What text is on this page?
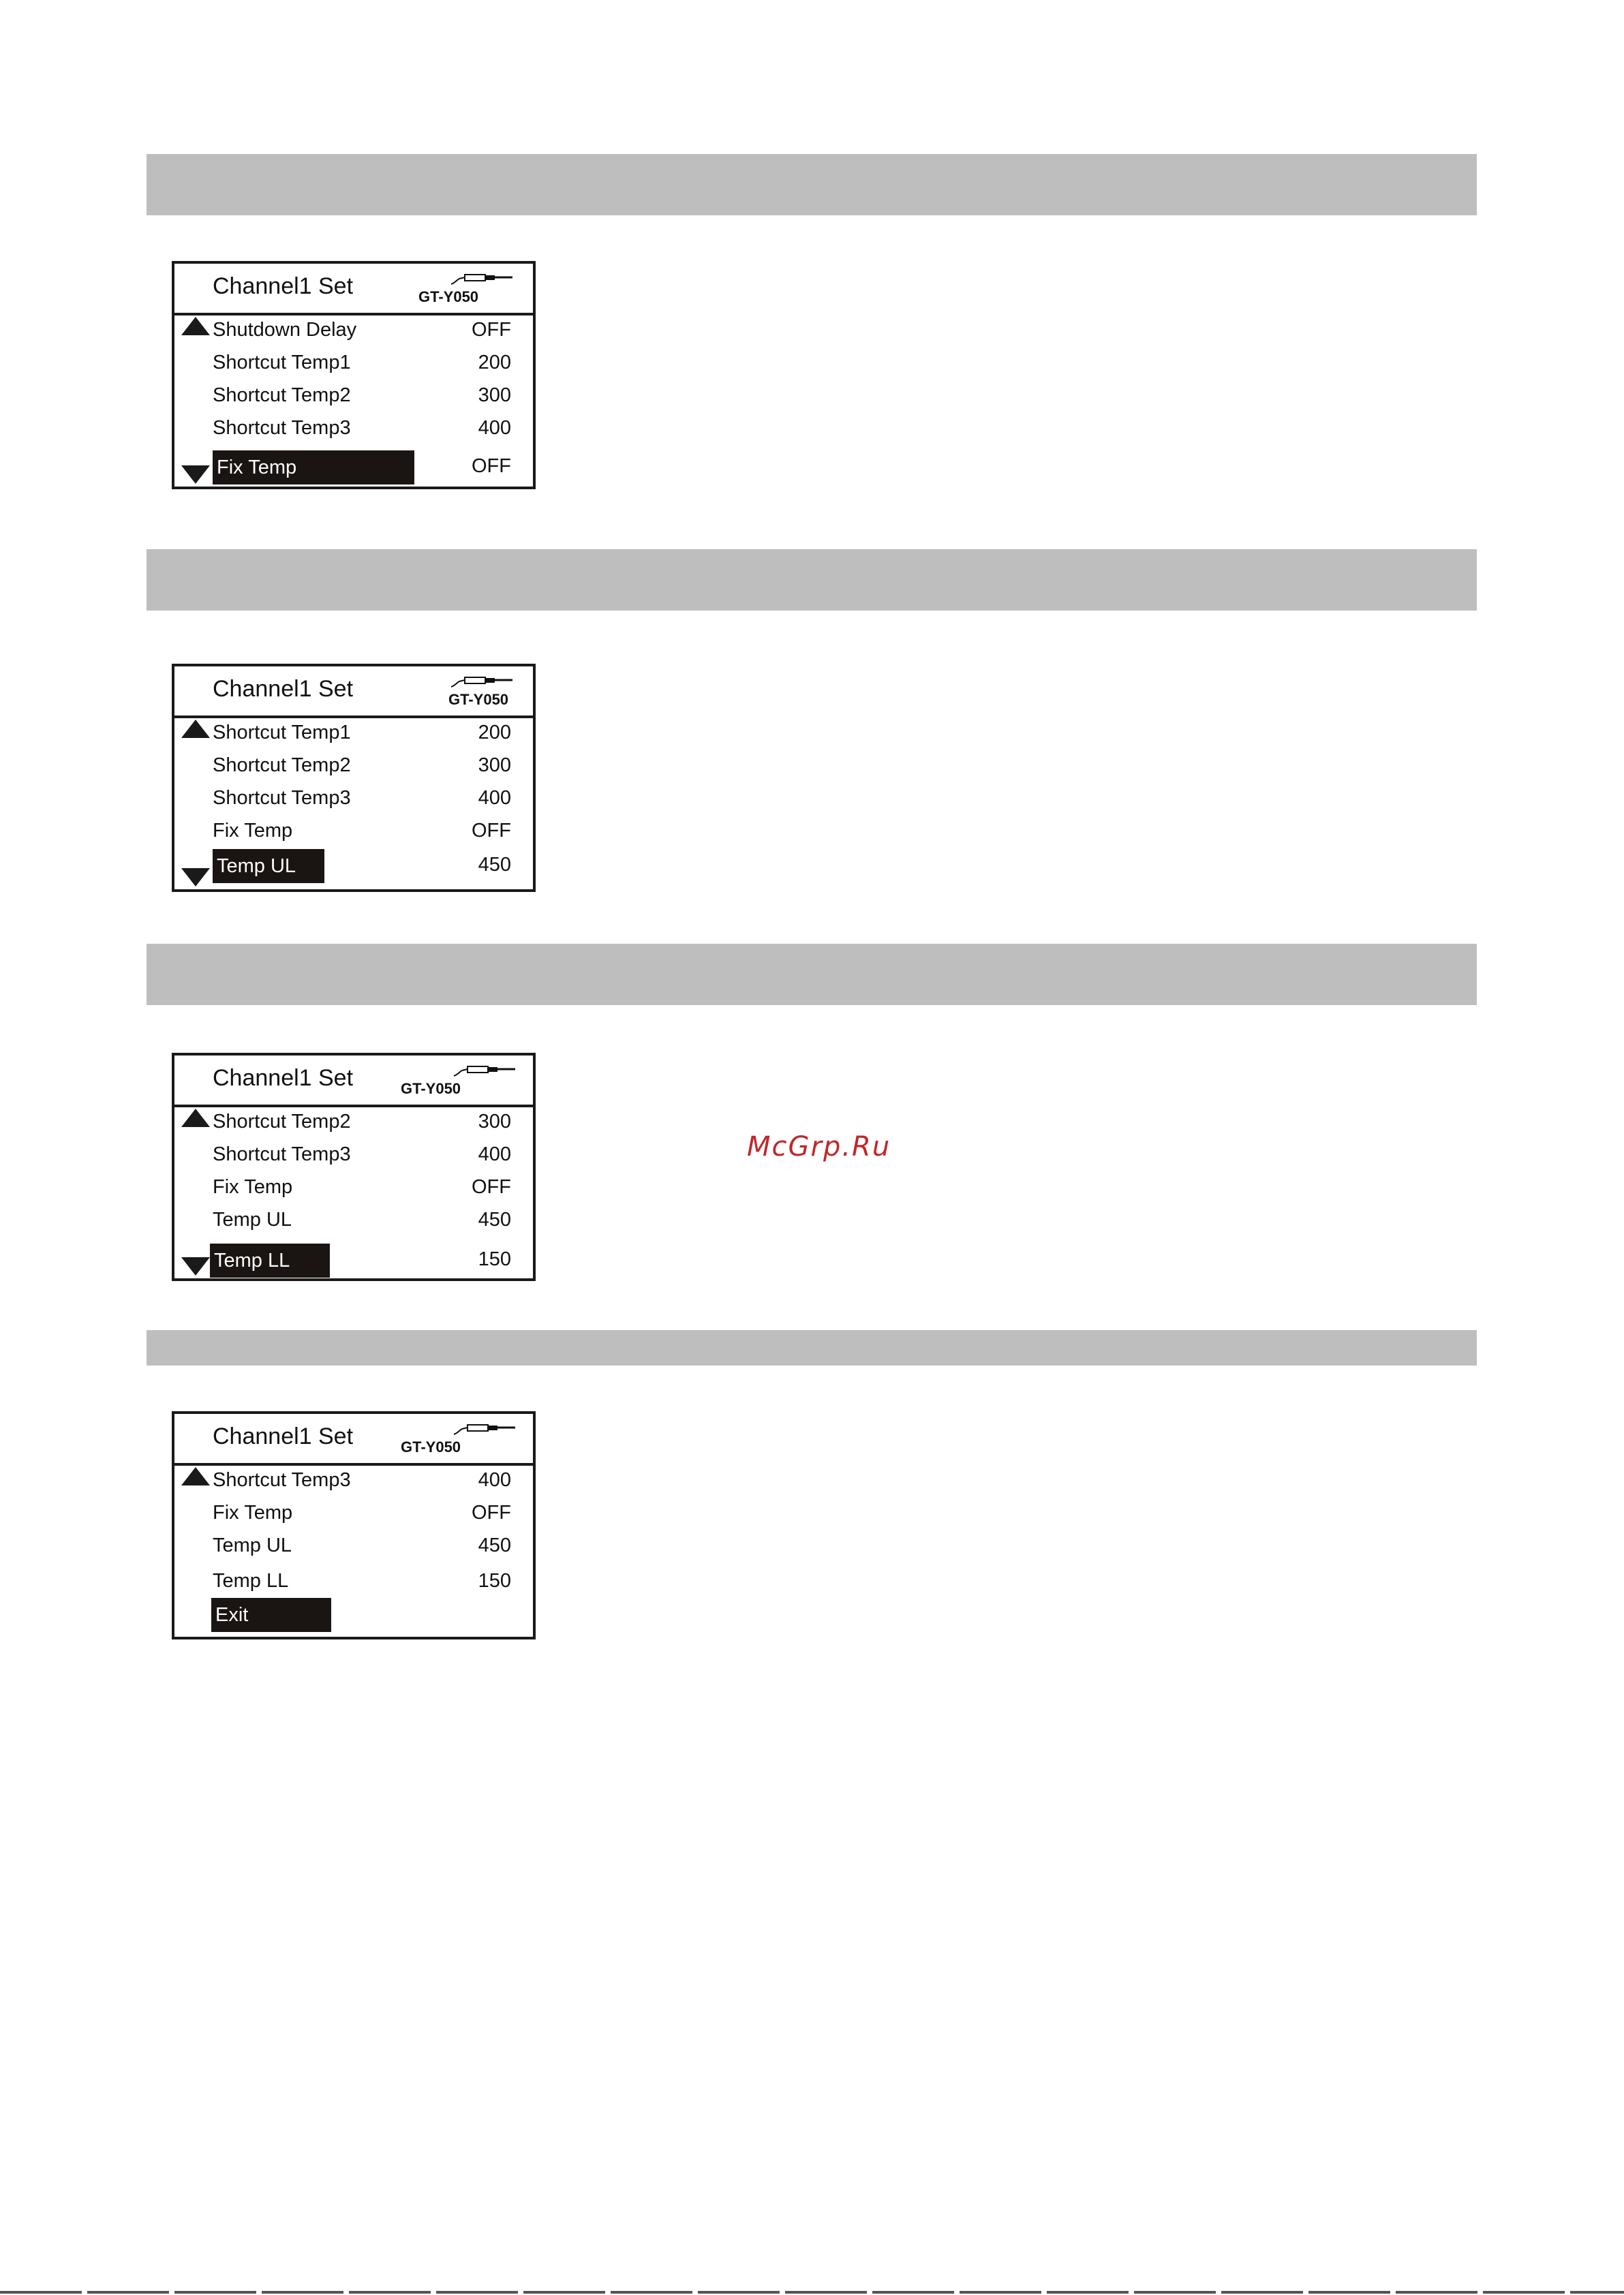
Channel1 Set	GT-Y050
Shutdown Delay	OFF
Shortcut Temp1	200
Shortcut Temp2	300
Shortcut Temp3	400
Fix Temp	OFF
Channel1 Set	GT-Y050
Shortcut Temp1	200
Shortcut Temp2	300
Shortcut Temp3	400
Fix Temp	OFF
Temp UL	450
Channel1 Set	GT-Y050
Shortcut Temp2	300
Shortcut Temp3	400
Fix Temp	OFF
Temp UL	450
Temp LL	150
Channel1 Set	GT-Y050
Shortcut Temp3	400
Fix Temp	OFF
Temp UL	450
Temp LL	150
Exit
McGrp.Ru
